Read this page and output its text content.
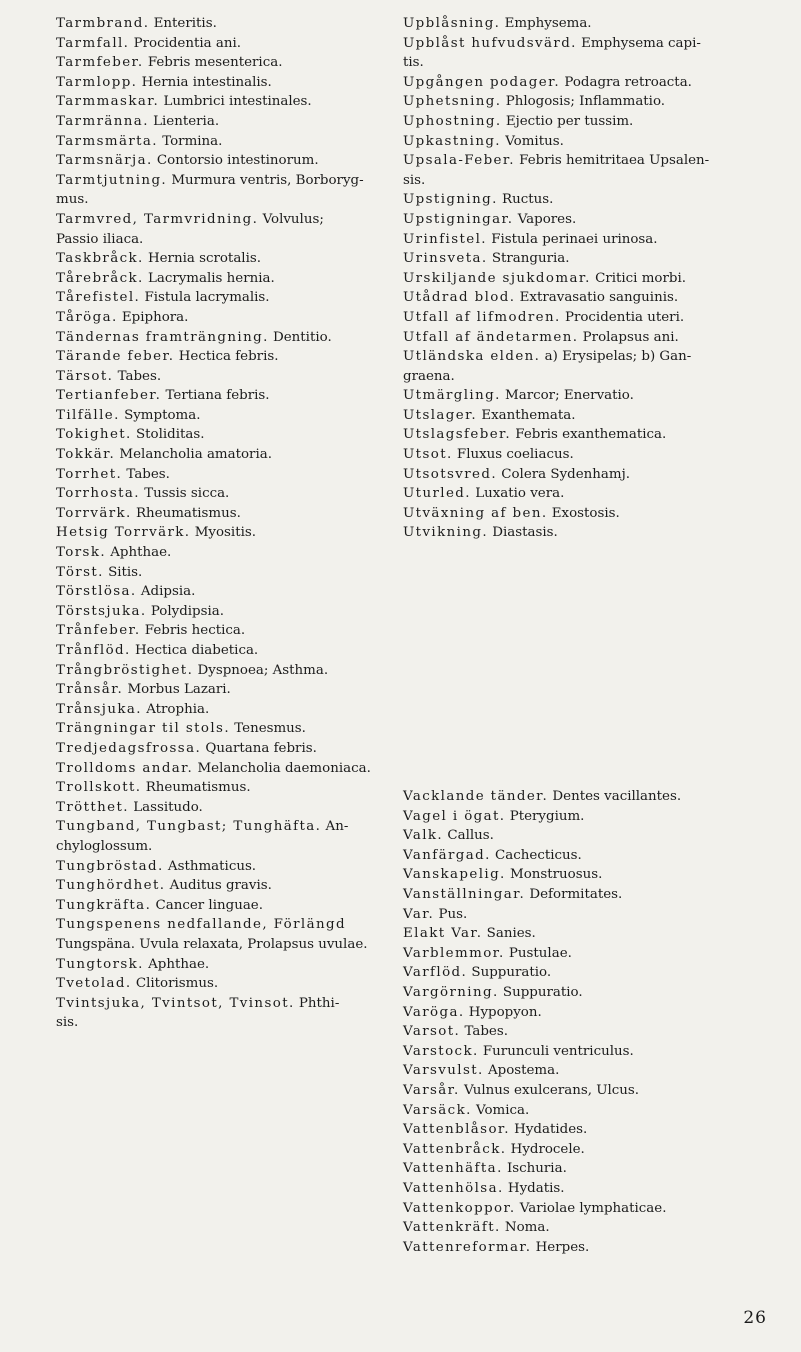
Tarmbrand. Enteritis.
Tarmfall. Procidentia ani.
Tarmfeber. Febris mesenterica.
Tarmlopp. Hernia intestinalis.
Tarmmaskar. Lumbrici intestinales.
Tarmränna. Lienteria.
Tarmsmärta. Tormina.
Tarmsnärja. Contorsio intestinorum.
Tarmtjutning. Murmura ventris, Borboryg-
mus.
Tarmvred, Tarmvridning. Volvulus;
Passio iliaca.
Taskbråck. Hernia scrotalis.
Tårebråck. Lacrymalis hernia.
Tårefistel. Fistula lacrymalis.
Tåröga. Epiphora.
Tändernas framträngning. Dentitio.
Tärande feber. Hectica febris.
Tärsot. Tabes.
Tertianfeber. Tertiana febris.
Tilfälle. Symptoma.
Tokighet. Stoliditas.
Tokkär. Melancholia amatoria.
Torrhet. Tabes.
Torrhosta. Tussis sicca.
Torrvärk. Rheumatismus.
Hetsig Torrvärk. Myositis.
Torsk. Aphthae.
Törst. Sitis.
Törstlösa. Adipsia.
Törstsjuka. Polydipsia.
Trånfeber. Febris hectica.
Trånflöd. Hectica diabetica.
Trångbröstighet. Dyspnoea; Asthma.
Trånsår. Morbus Lazari.
Trånsjuka. Atrophia.
Trängningar til stols. Tenesmus.
Tredjedagsfrossa. Quartana febris.
Trolldoms andar. Melancholia daemoniaca.
Trollskott. Rheumatismus.
Trötthet. Lassitudo.
Tungband, Tungbast; Tunghäfta. An-
chyloglossum.
Tungbröstad. Asthmaticus.
Tunghördhet. Auditus gravis.
Tungkräfta. Cancer linguae.
Tungspenens nedfallande, Förlängd
Tungspäna. Uvula relaxata, Prolapsus uvulae.
Tungtorsk. Aphthae.
Tvetolad. Clitorismus.
Tvintsjuka, Tvintsot, Tvinsot. Phthi-
sis.
Upblåsning. Emphysema.
Upblåst hufvudsvärd. Emphysema capi-
tis.
Upgången podager. Podagra retroacta.
Uphetsning. Phlogosis; Inflammatio.
Uphostning. Ejectio per tussim.
Upkastning. Vomitus.
Upsala-Feber. Febris hemitritaea Upsalen-
sis.
Upstigning. Ructus.
Upstigningar. Vapores.
Urinfistel. Fistula perinaei urinosa.
Urinsveta. Stranguria.
Urskiljande sjukdomar. Critici morbi.
Utådrad blod. Extravasatio sanguinis.
Utfall af lifmodren. Procidentia uteri.
Utfall af ändetarmen. Prolapsus ani.
Utländska elden. a) Erysipelas; b) Gan-
graena.
Utmärgling. Marcor; Enervatio.
Utslager. Exanthemata.
Utslagsfeber. Febris exanthematica.
Utsot. Fluxus coeliacus.
Utsotsvred. Colera Sydenhamj.
Uturled. Luxatio vera.
Utväxning af ben. Exostosis.
Utvikning. Diastasis.
Vacklande tänder. Dentes vacillantes.
Vagel i ögat. Pterygium.
Valk. Callus.
Vanfärgad. Cachecticus.
Vanskapelig. Monstruosus.
Vanställningar. Deformitates.
Var. Pus.
Elakt Var. Sanies.
Varblemmor. Pustulae.
Varflöd. Suppuratio.
Vargörning. Suppuratio.
Varöga. Hypopyon.
Varsot. Tabes.
Varstock. Furunculi ventriculus.
Varsvulst. Apostema.
Varsår. Vulnus exulcerans, Ulcus.
Varsäck. Vomica.
Vattenblåsor. Hydatides.
Vattenbråck. Hydrocele.
Vattenhäfta. Ischuria.
Vattenhölsa. Hydatis.
Vattenkoppor. Variolae lymphaticae.
Vattenkräft. Noma.
Vattenreformar. Herpes.
26
